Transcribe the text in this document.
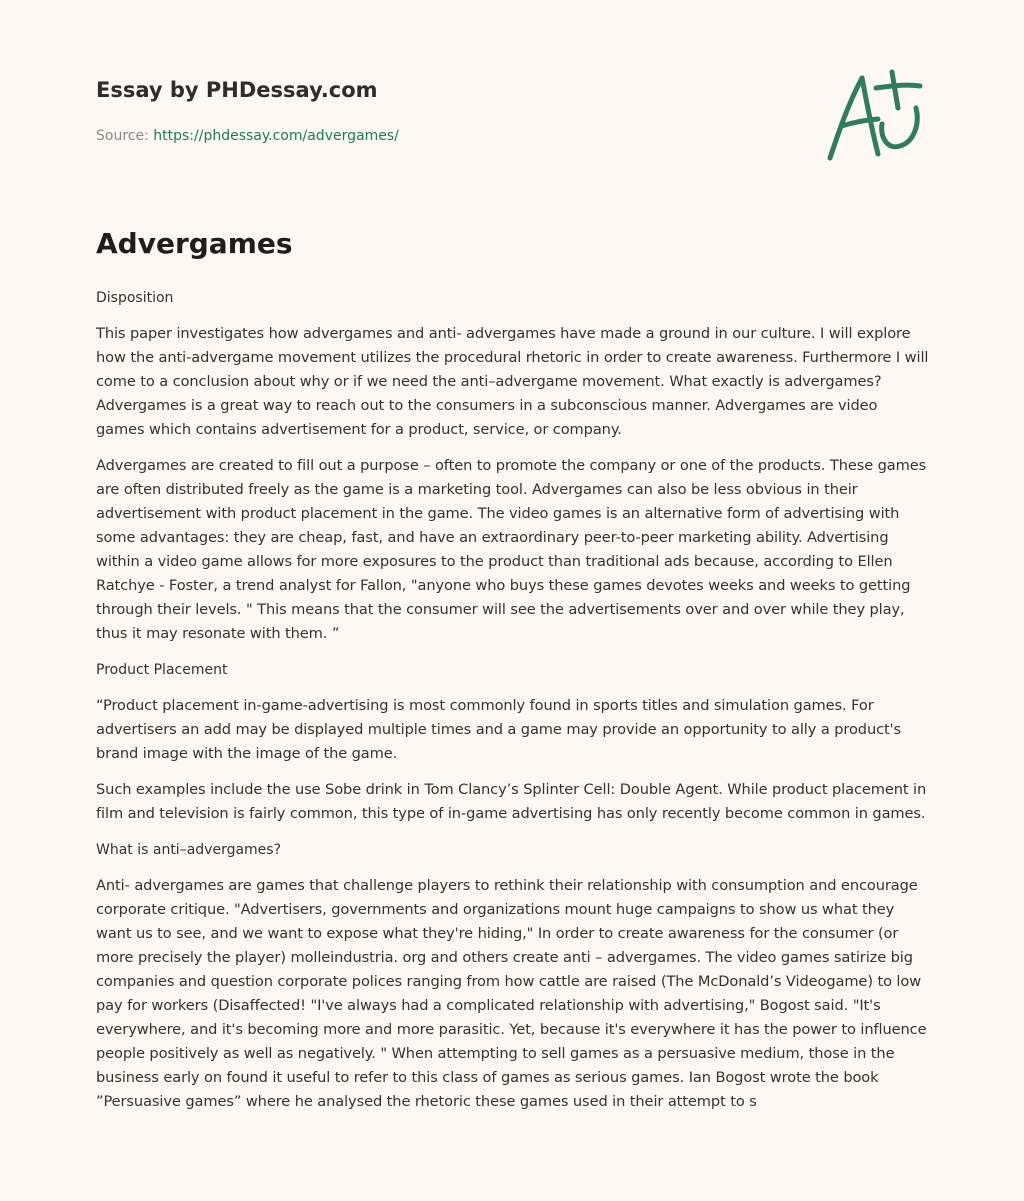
Essay by PHDessay.com
Source: https://phdessay.com/advergames/
Advergames

Disposition

This paper investigates how advergames and anti- advergames have made a ground in our culture. I will explore how the anti-advergame movement utilizes the procedural rhetoric in order to create awareness. Furthermore I will come to a conclusion about why or if we need the anti–advergame movement. What exactly is advergames? Advergames is a great way to reach out to the consumers in a subconscious manner. Advergames are video games which contains advertisement for a product, service, or company.

Advergames are created to fill out a purpose – often to promote the company or one of the products. These games are often distributed freely as the game is a marketing tool. Advergames can also be less obvious in their advertisement with product placement in the game. The video games is an alternative form of advertising with some advantages: they are cheap, fast, and have an extraordinary peer-to-peer marketing ability. Advertising within a video game allows for more exposures to the product than traditional ads because, according to Ellen Ratchye - Foster, a trend analyst for Fallon, "anyone who buys these games devotes weeks and weeks to getting through their levels. " This means that the consumer will see the advertisements over and over while they play, thus it may resonate with them. ”

Product Placement

“Product placement in-game-advertising is most commonly found in sports titles and simulation games. For advertisers an add may be displayed multiple times and a game may provide an opportunity to ally a product's brand image with the image of the game.

Such examples include the use Sobe drink in Tom Clancy’s Splinter Cell: Double Agent. While product placement in film and television is fairly common, this type of in-game advertising has only recently become common in games.

What is anti–advergames?

Anti- advergames are games that challenge players to rethink their relationship with consumption and encourage corporate critique. "Advertisers, governments and organizations mount huge campaigns to show us what they want us to see, and we want to expose what they're hiding," In order to create awareness for the consumer (or more precisely the player) molleindustria. org and others create anti – advergames. The video games satirize big companies and question corporate polices ranging from how cattle are raised (The McDonald’s Videogame) to low pay for workers (Disaffected! "I've always had a complicated relationship with advertising," Bogost said. "It's everywhere, and it's becoming more and more parasitic. Yet, because it's everywhere it has the power to influence people positively as well as negatively. " When attempting to sell games as a persuasive medium, those in the business early on found it useful to refer to this class of games as serious games. Ian Bogost wrote the book ”Persuasive games” where he analysed the rhetoric these games used in their attempt to s
